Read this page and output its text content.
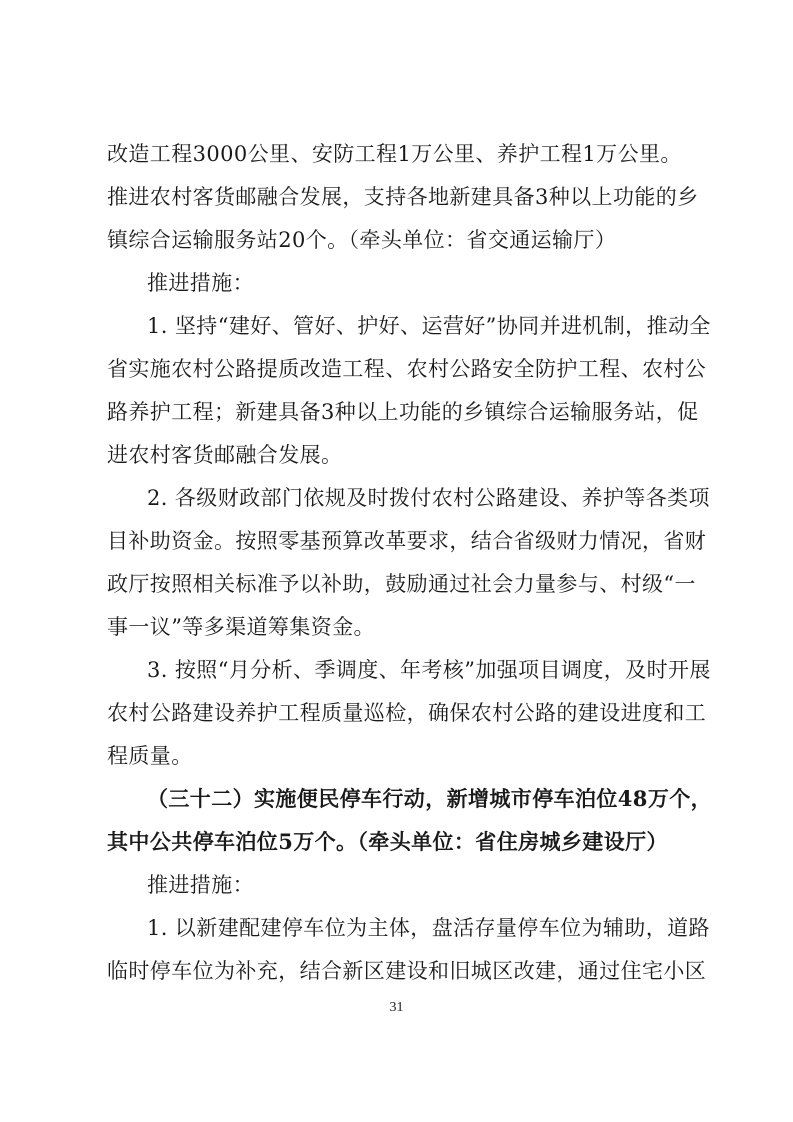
改造工程3000公里、安防工程1万公里、养护工程1万公里。
推进农村客货邮融合发展，支持各地新建具备3种以上功能的乡
镇综合运输服务站20个。（牵头单位：省交通运输厅）
推进措施：
1. 坚持“建好、管好、护好、运营好”协同并进机制，推动全
省实施农村公路提质改造工程、农村公路安全防护工程、农村公
路养护工程；新建具备3种以上功能的乡镇综合运输服务站，促
进农村客货邮融合发展。
2. 各级财政部门依规及时拨付农村公路建设、养护等各类项
目补助资金。按照零基预算改革要求，结合省级财力情况，省财
政厅按照相关标准予以补助，鼓励通过社会力量参与、村级“一
事一议”等多渠道筹集资金。
3. 按照“月分析、季调度、年考核”加强项目调度，及时开展
农村公路建设养护工程质量巡检，确保农村公路的建设进度和工
程质量。
（三十二）实施便民停车行动，新增城市停车泊位48万个，
其中公共停车泊位5万个。（牵头单位：省住房城乡建设厅）
推进措施：
1. 以新建配建停车位为主体，盘活存量停车位为辅助，道路
临时停车位为补充，结合新区建设和旧城区改建，通过住宅小区
31
